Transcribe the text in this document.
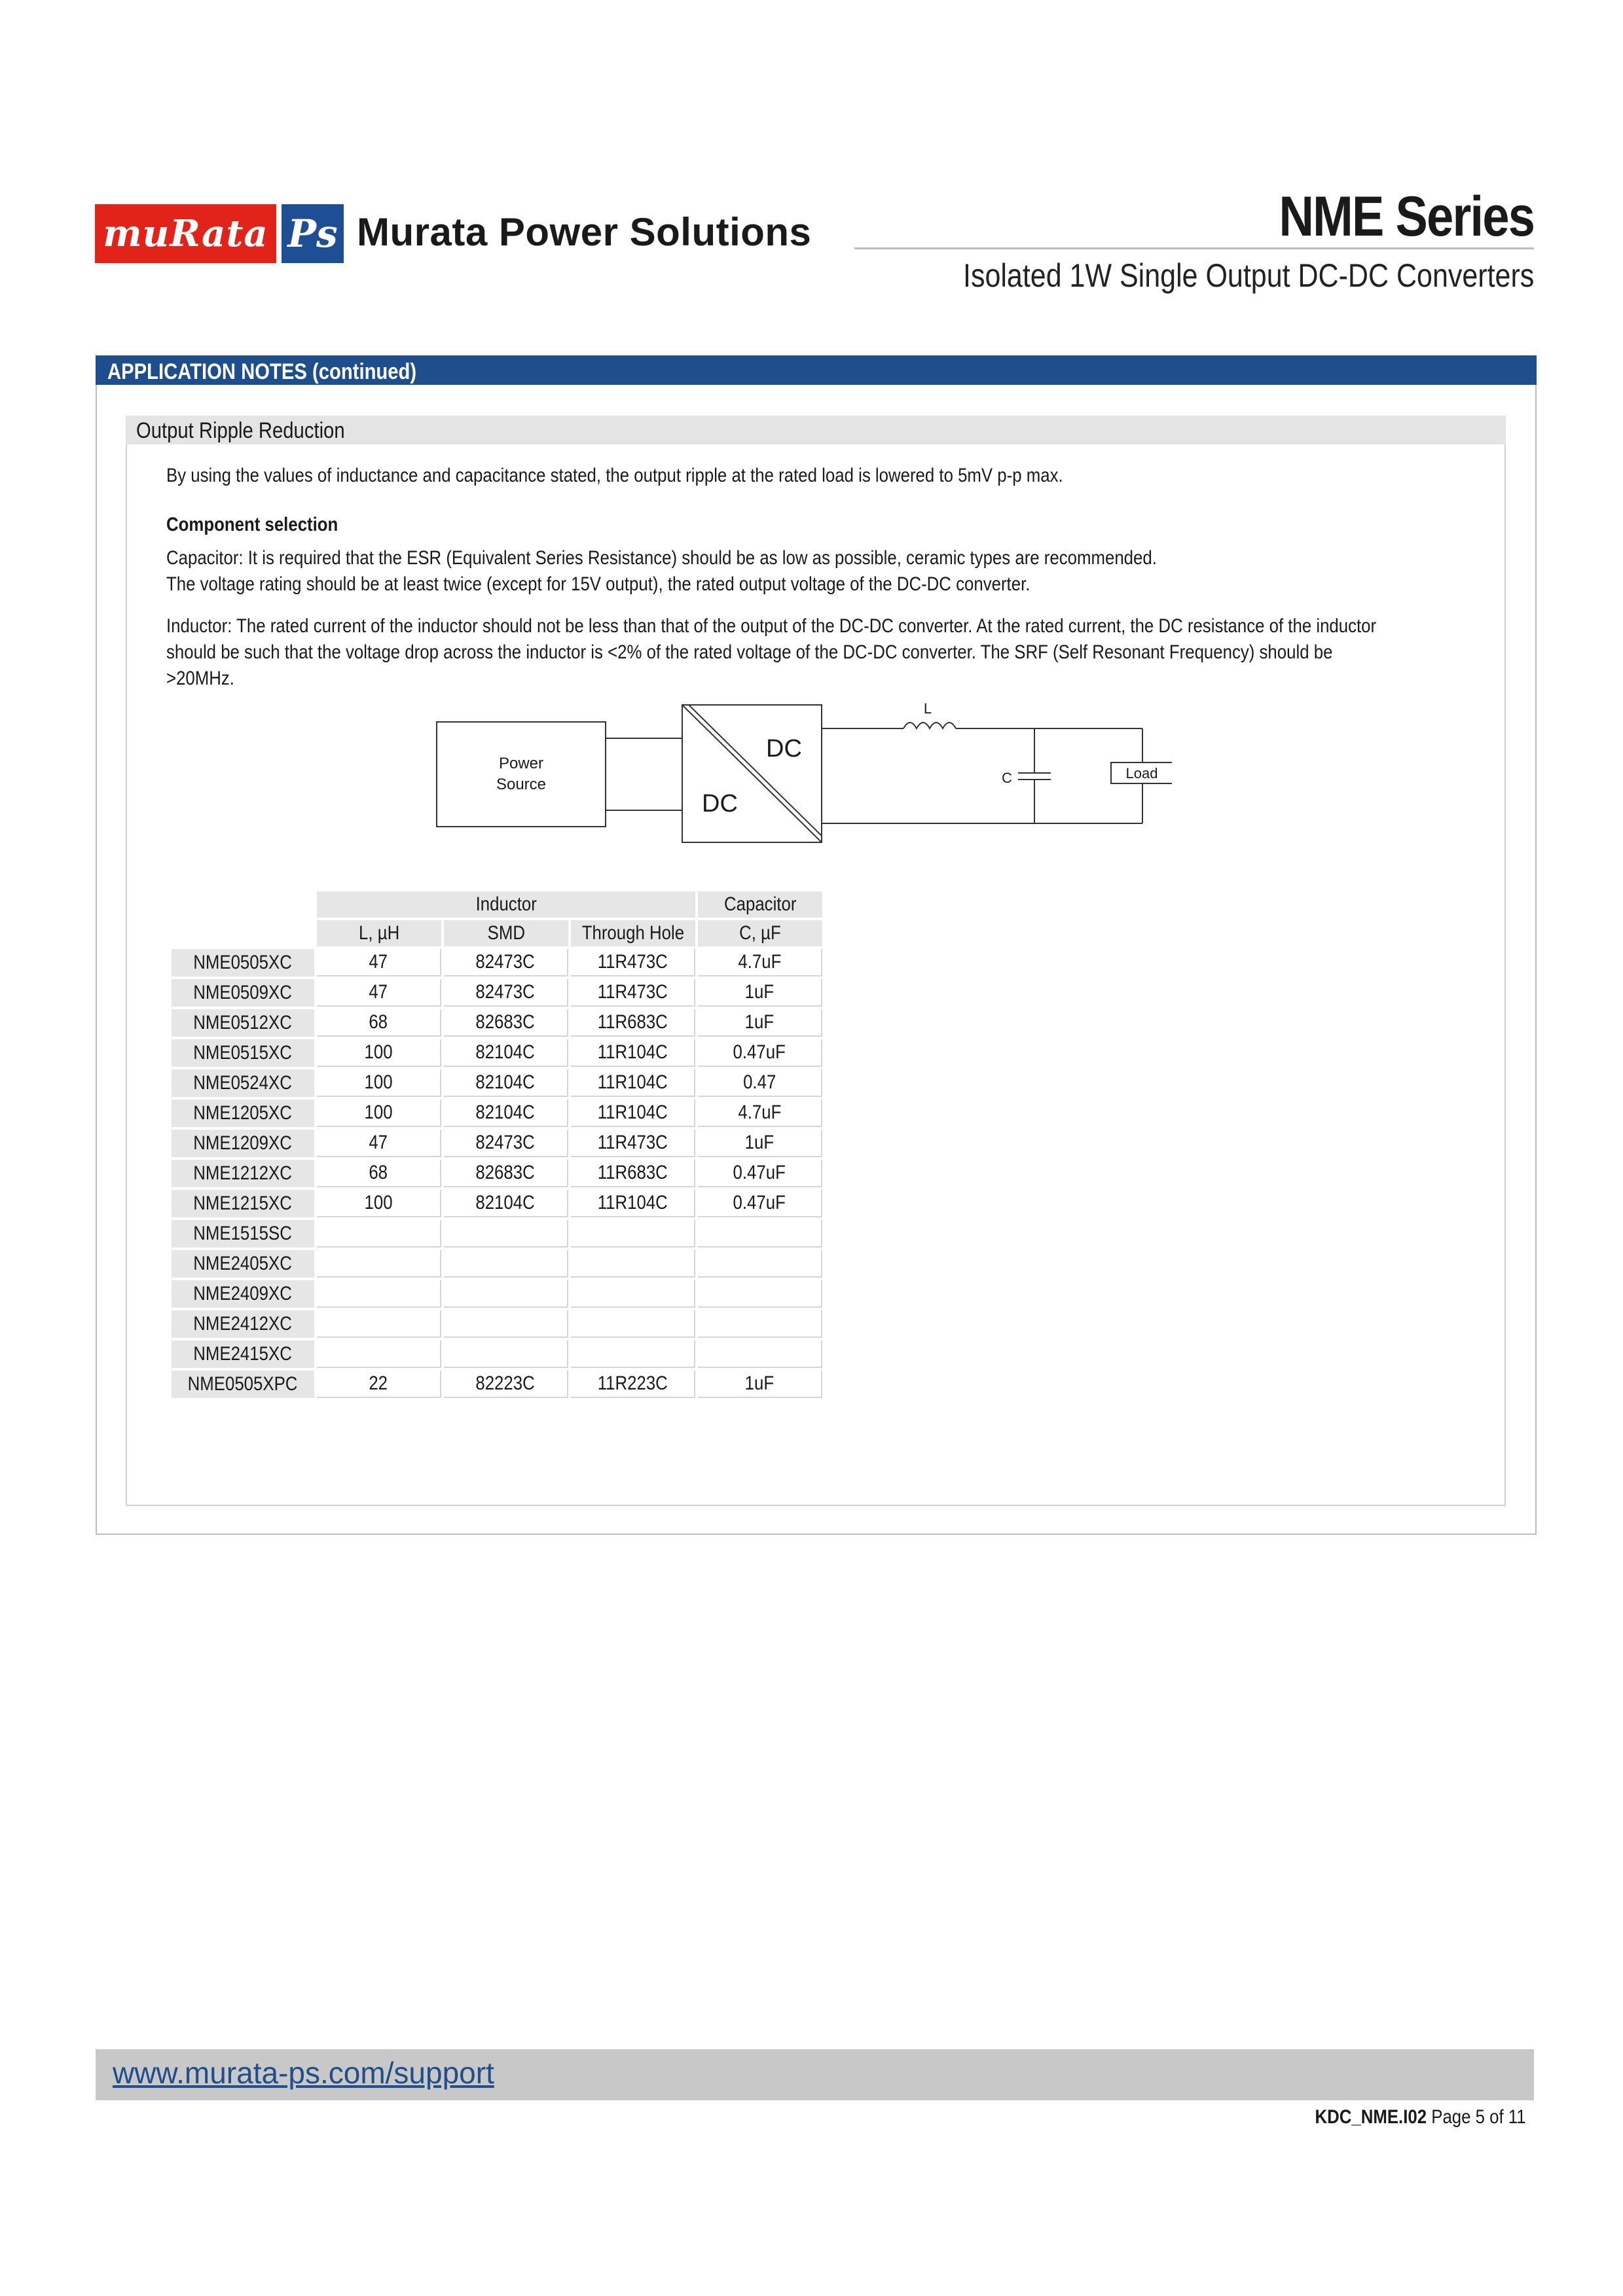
muRata Ps Murata Power Solutions	NME Series
Isolated 1W Single Output DC-DC Converters
APPLICATION NOTES (continued)
Output Ripple Reduction
By using the values of inductance and capacitance stated, the output ripple at the rated load is lowered to 5mV p-p max.
Component selection
Capacitor: It is required that the ESR (Equivalent Series Resistance) should be as low as possible, ceramic types are recommended.
The voltage rating should be at least twice (except for 15V output), the rated output voltage of the DC-DC converter.
Inductor: The rated current of the inductor should not be less than that of the output of the DC-DC converter. At the rated current, the DC resistance of the inductor
should be such that the voltage drop across the inductor is <2% of the rated voltage of the DC-DC converter. The SRF (Self Resonant Frequency) should be
>20MHz.
Power
Source
DC
DC
L
C	Load
	Inductor			Capacitor
	L, µH	SMD	Through Hole	C, µF
NME0505XC	47	82473C	11R473C	4.7uF
NME0509XC	47	82473C	11R473C	1uF
NME0512XC	68	82683C	11R683C	1uF
NME0515XC	100	82104C	11R104C	0.47uF
NME0524XC	100	82104C	11R104C	0.47
NME1205XC	100	82104C	11R104C	4.7uF
NME1209XC	47	82473C	11R473C	1uF
NME1212XC	68	82683C	11R683C	0.47uF
NME1215XC	100	82104C	11R104C	0.47uF
NME1515SC				
NME2405XC				
NME2409XC				
NME2412XC				
NME2415XC				
NME0505XPC	22	82223C	11R223C	1uF
www.murata-ps.com/support
KDC_NME.I02 Page 5 of 11
